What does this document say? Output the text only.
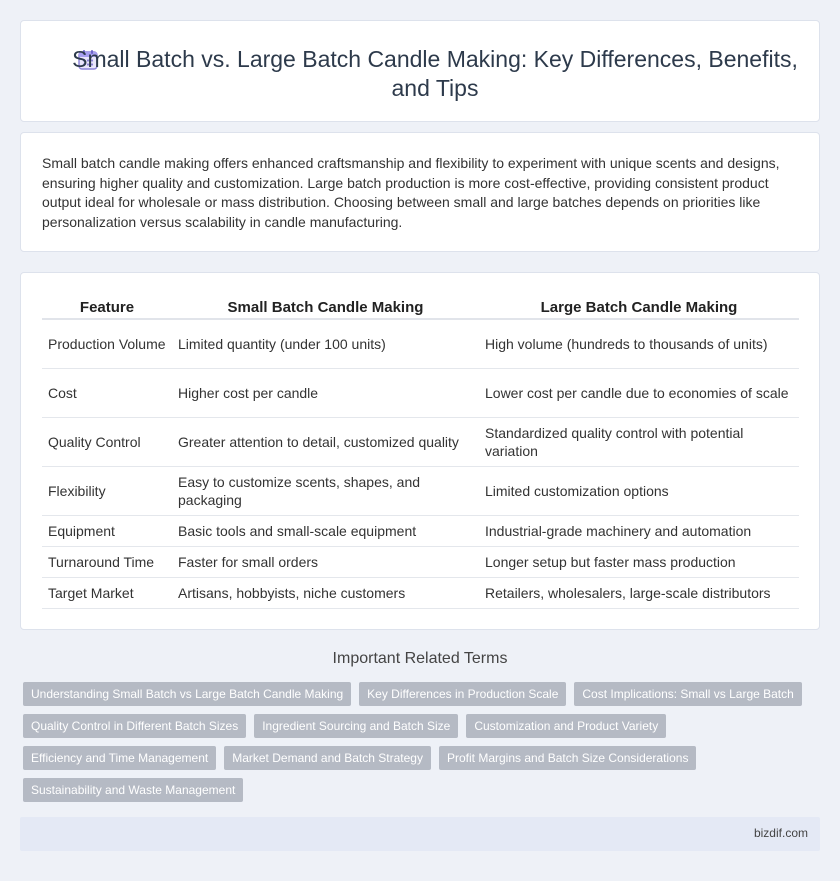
Small Batch vs. Large Batch Candle Making: Key Differences, Benefits, and Tips

Small batch candle making offers enhanced craftsmanship and flexibility to experiment with unique scents and designs, ensuring higher quality and customization. Large batch production is more cost-effective, providing consistent product output ideal for wholesale or mass distribution. Choosing between small and large batches depends on priorities like personalization versus scalability in candle manufacturing.

Feature	Small Batch Candle Making	Large Batch Candle Making
Production Volume	Limited quantity (under 100 units)	High volume (hundreds to thousands of units)
Cost	Higher cost per candle	Lower cost per candle due to economies of scale
Quality Control	Greater attention to detail, customized quality	Standardized quality control with potential variation
Flexibility	Easy to customize scents, shapes, and packaging	Limited customization options
Equipment	Basic tools and small-scale equipment	Industrial-grade machinery and automation
Turnaround Time	Faster for small orders	Longer setup but faster mass production
Target Market	Artisans, hobbyists, niche customers	Retailers, wholesalers, large-scale distributors
Important Related Terms
Understanding Small Batch vs Large Batch Candle Making	Key Differences in Production Scale	Cost Implications: Small vs Large Batch
Quality Control in Different Batch Sizes	Ingredient Sourcing and Batch Size	Customization and Product Variety
Efficiency and Time Management	Market Demand and Batch Strategy	Profit Margins and Batch Size Considerations
Sustainability and Waste Management
bizdif.com
